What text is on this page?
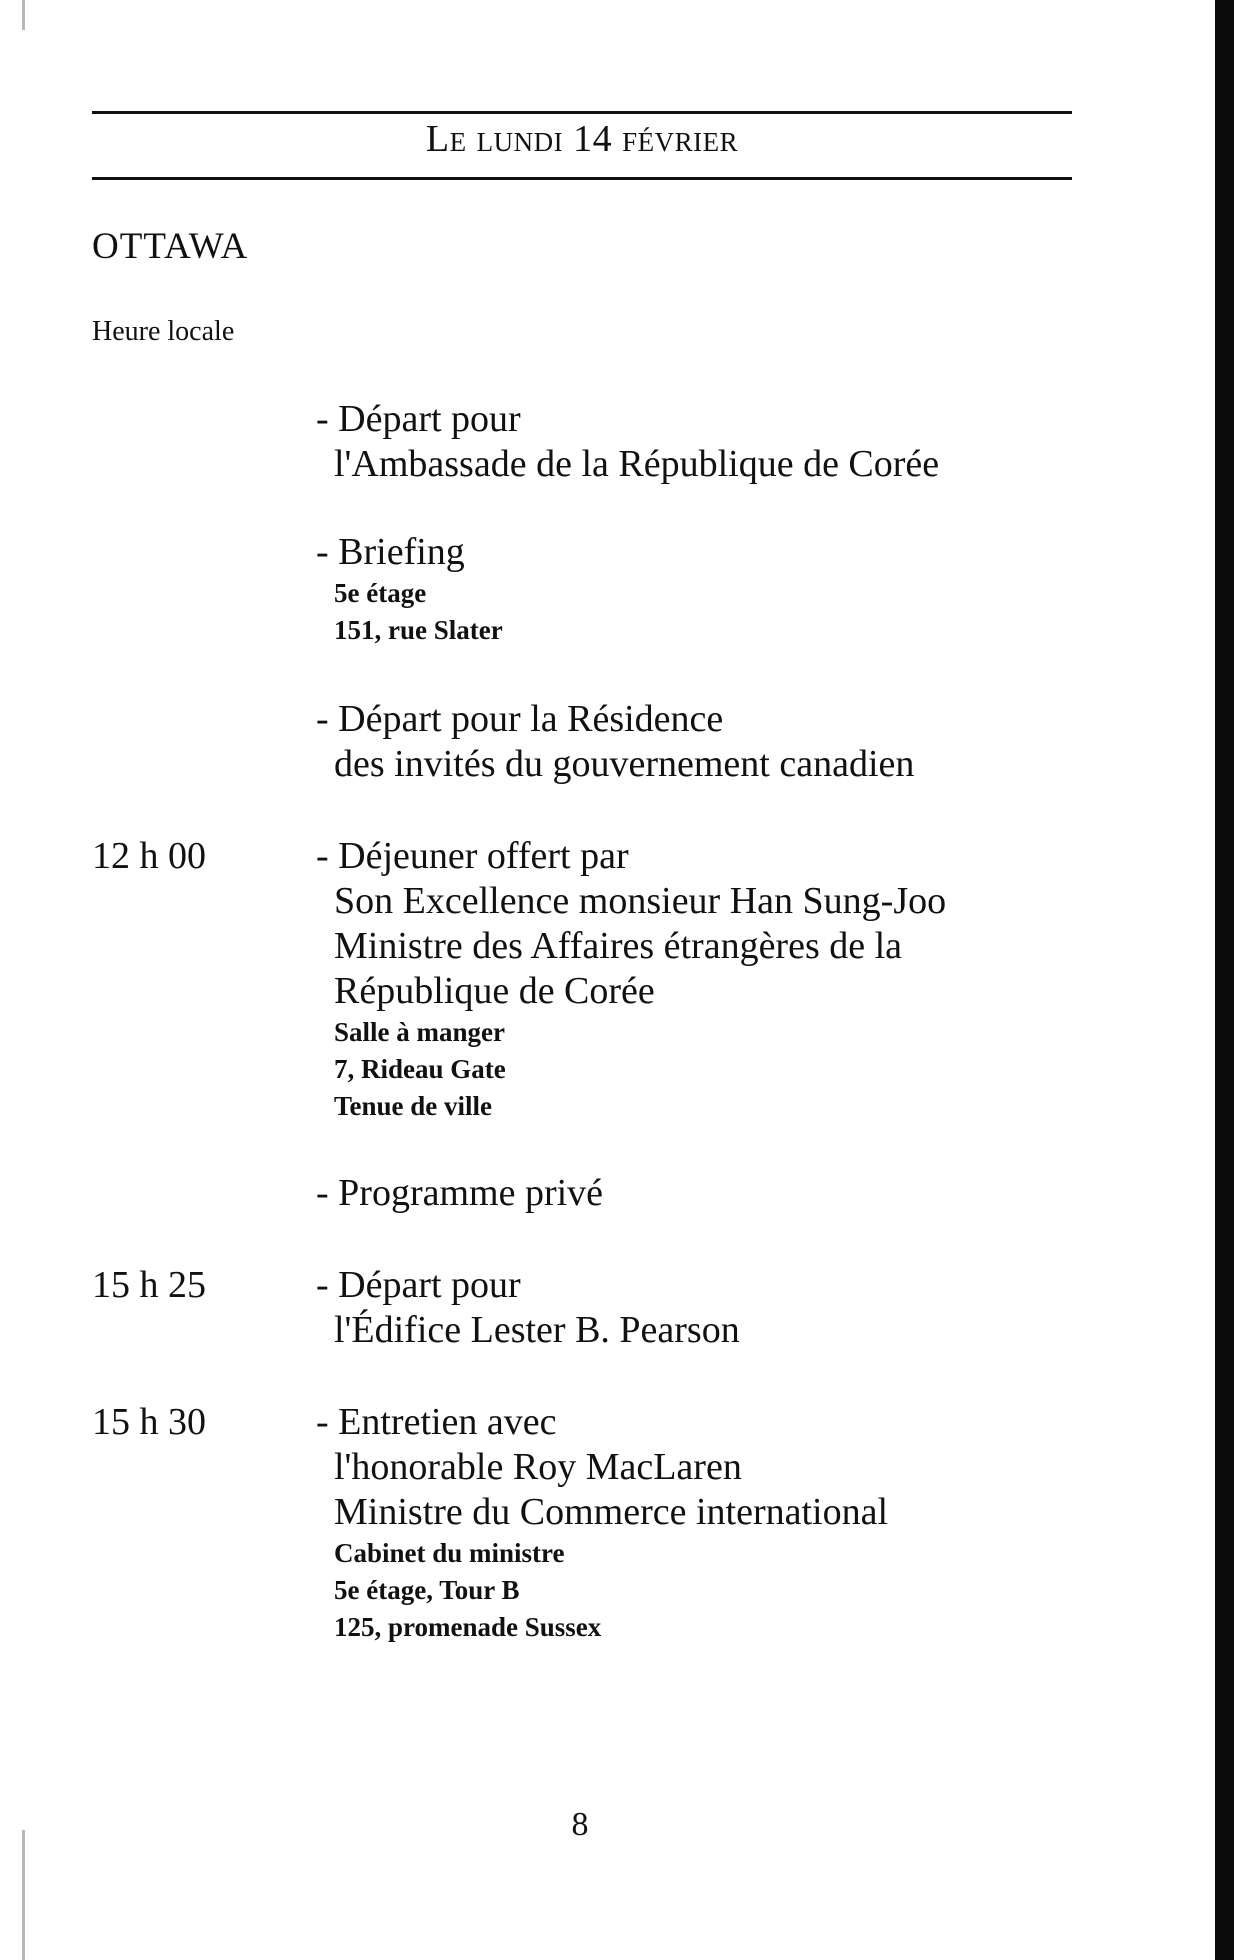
Le lundi 14 février
OTTAWA
Heure locale
- Départ pour
l'Ambassade de la République de Corée
- Briefing
5e étage
151, rue Slater
- Départ pour la Résidence
des invités du gouvernement canadien
12 h 00	- Déjeuner offert par
Son Excellence monsieur Han Sung-Joo
Ministre des Affaires étrangères de la
République de Corée
Salle à manger
7, Rideau Gate
Tenue de ville
- Programme privé
15 h 25	- Départ pour
l'Édifice Lester B. Pearson
15 h 30	- Entretien avec
l'honorable Roy MacLaren
Ministre du Commerce international
Cabinet du ministre
5e étage, Tour B
125, promenade Sussex
8
